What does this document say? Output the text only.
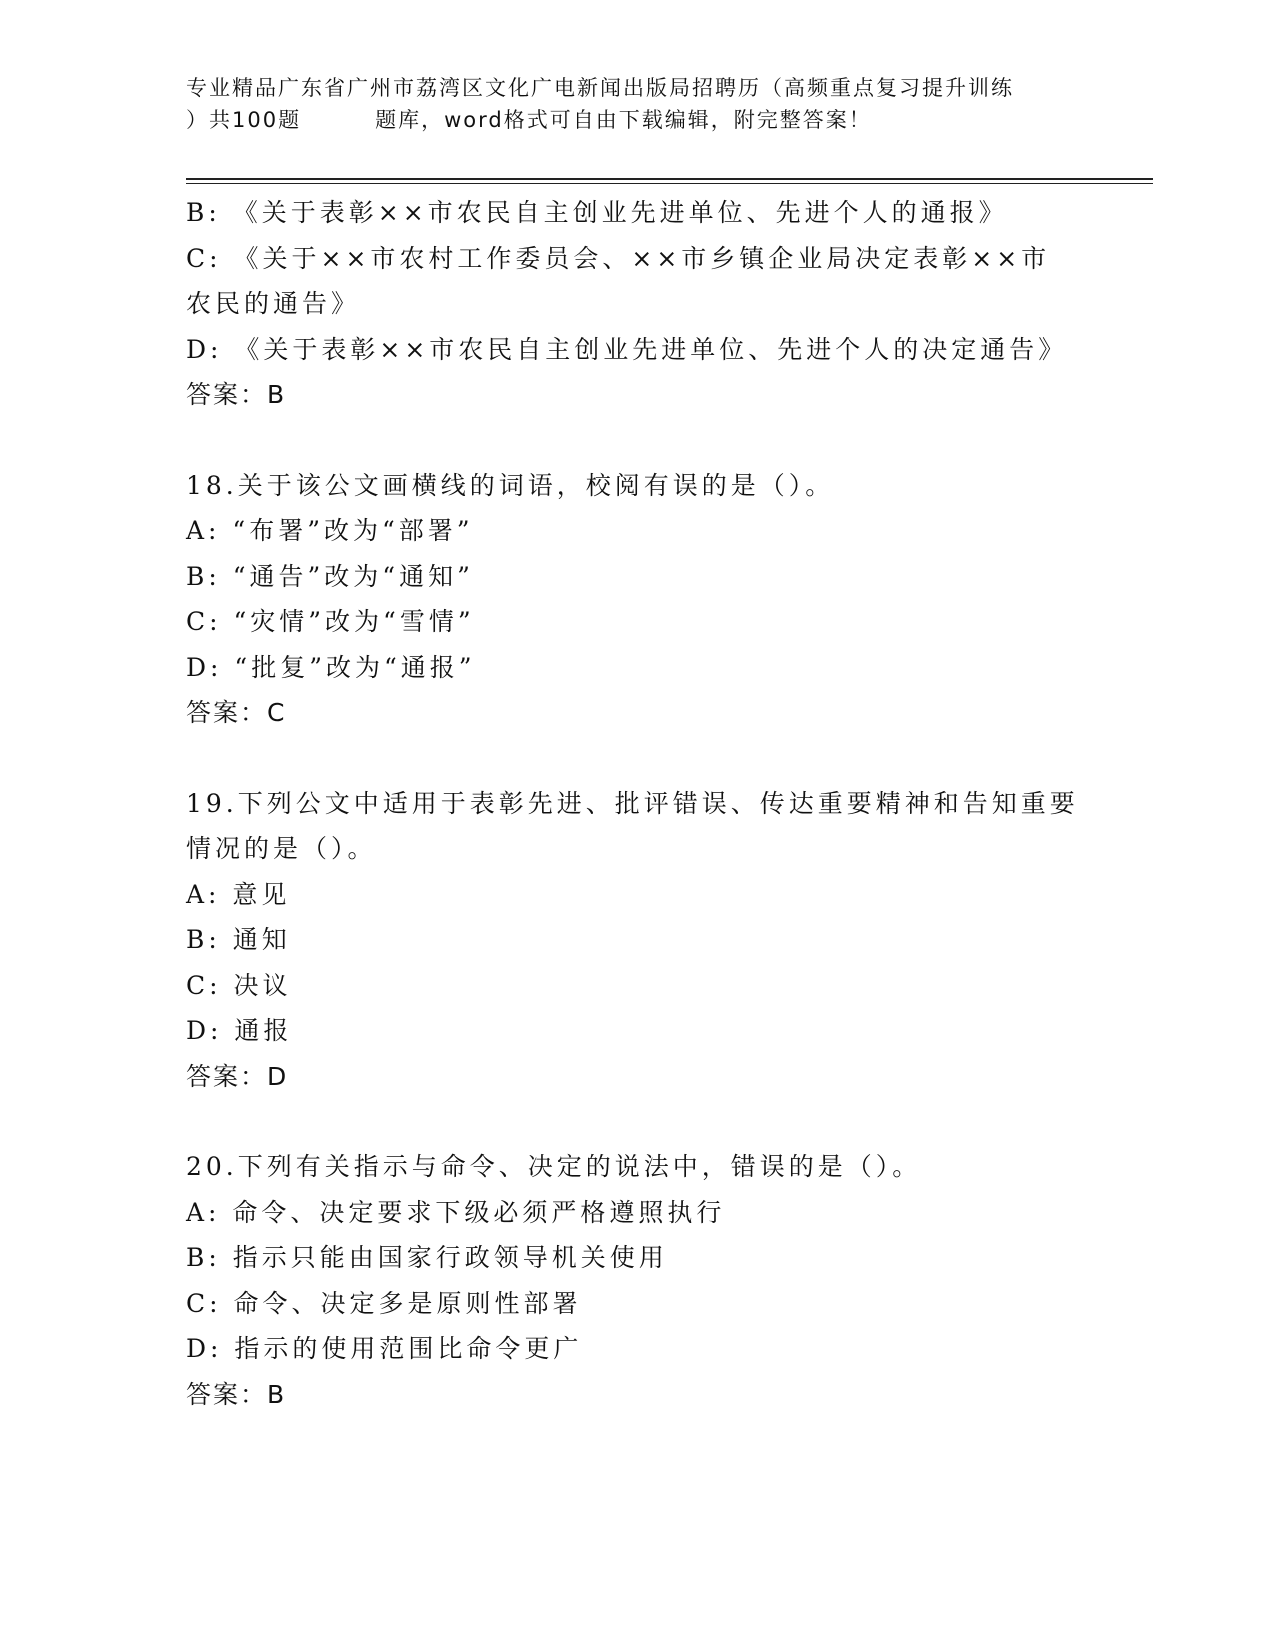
专业精品广东省广州市荔湾区文化广电新闻出版局招聘历（高频重点复习提升训练
）共100题	题库，word格式可自由下载编辑，附完整答案！
B: 《关于表彰××市农民自主创业先进单位、先进个人的通报》
C: 《关于××市农村工作委员会、××市乡镇企业局决定表彰××市
农民的通告》
D: 《关于表彰××市农民自主创业先进单位、先进个人的决定通告》
答案：B
18.关于该公文画横线的词语，校阅有误的是（）。
A: “布署”改为“部署”
B: “通告”改为“通知”
C: “灾情”改为“雪情”
D: “批复”改为“通报”
答案：C
19.下列公文中适用于表彰先进、批评错误、传达重要精神和告知重要
情况的是（）。
A: 意见
B: 通知
C: 决议
D: 通报
答案：D
20.下列有关指示与命令、决定的说法中，错误的是（）。
A: 命令、决定要求下级必须严格遵照执行
B: 指示只能由国家行政领导机关使用
C: 命令、决定多是原则性部署
D: 指示的使用范围比命令更广
答案：B
